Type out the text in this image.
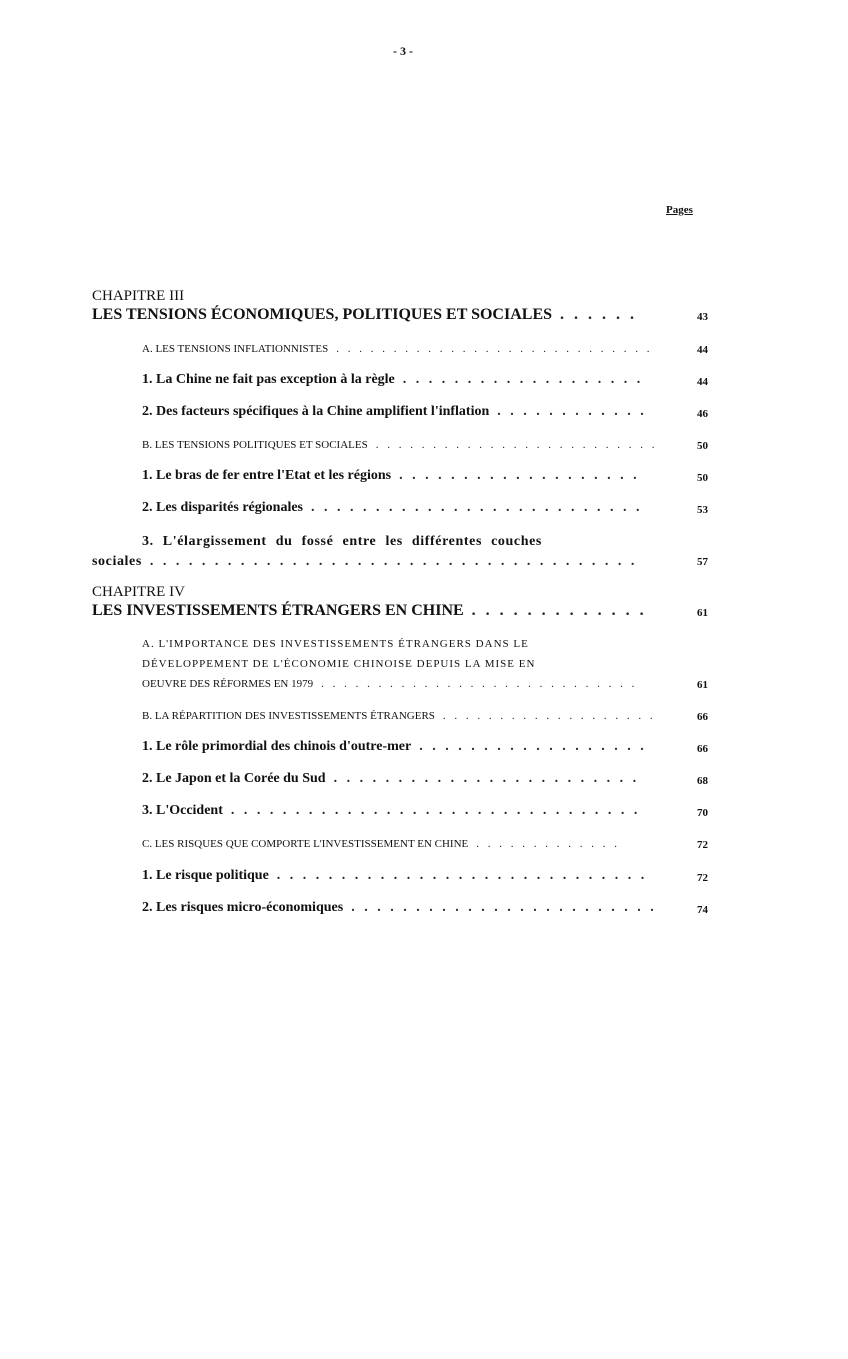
- 3 -
Pages
CHAPITRE III
LES TENSIONS ÉCONOMIQUES, POLITIQUES ET SOCIALES . . .	43
A. LES TENSIONS INFLATIONNISTES . . .	44
1. La Chine ne fait pas exception à la règle . . .	44
2. Des facteurs spécifiques à la Chine amplifient l'inflation . . .	46
B. LES TENSIONS POLITIQUES ET SOCIALES . . .	50
1. Le bras de fer entre l'Etat et les régions . . .	50
2. Les disparités régionales . . .	53
3. L'élargissement du fossé entre les différentes couches
sociales . . .	57
CHAPITRE IV
LES INVESTISSEMENTS ÉTRANGERS EN CHINE . . .	61
A. L'IMPORTANCE DES INVESTISSEMENTS ÉTRANGERS DANS LE
DÉVELOPPEMENT DE L'ÉCONOMIE CHINOISE DEPUIS LA MISE EN
OEUVRE DES RÉFORMES EN 1979 . . .	61
B. LA RÉPARTITION DES INVESTISSEMENTS ÉTRANGERS . . .	66
1. Le rôle primordial des chinois d'outre-mer . . .	66
2. Le Japon et la Corée du Sud . . .	68
3. L'Occident . . .	70
C. LES RISQUES QUE COMPORTE L'INVESTISSEMENT EN CHINE . . .	72
1. Le risque politique . . .	72
2. Les risques micro-économiques . . .	74
